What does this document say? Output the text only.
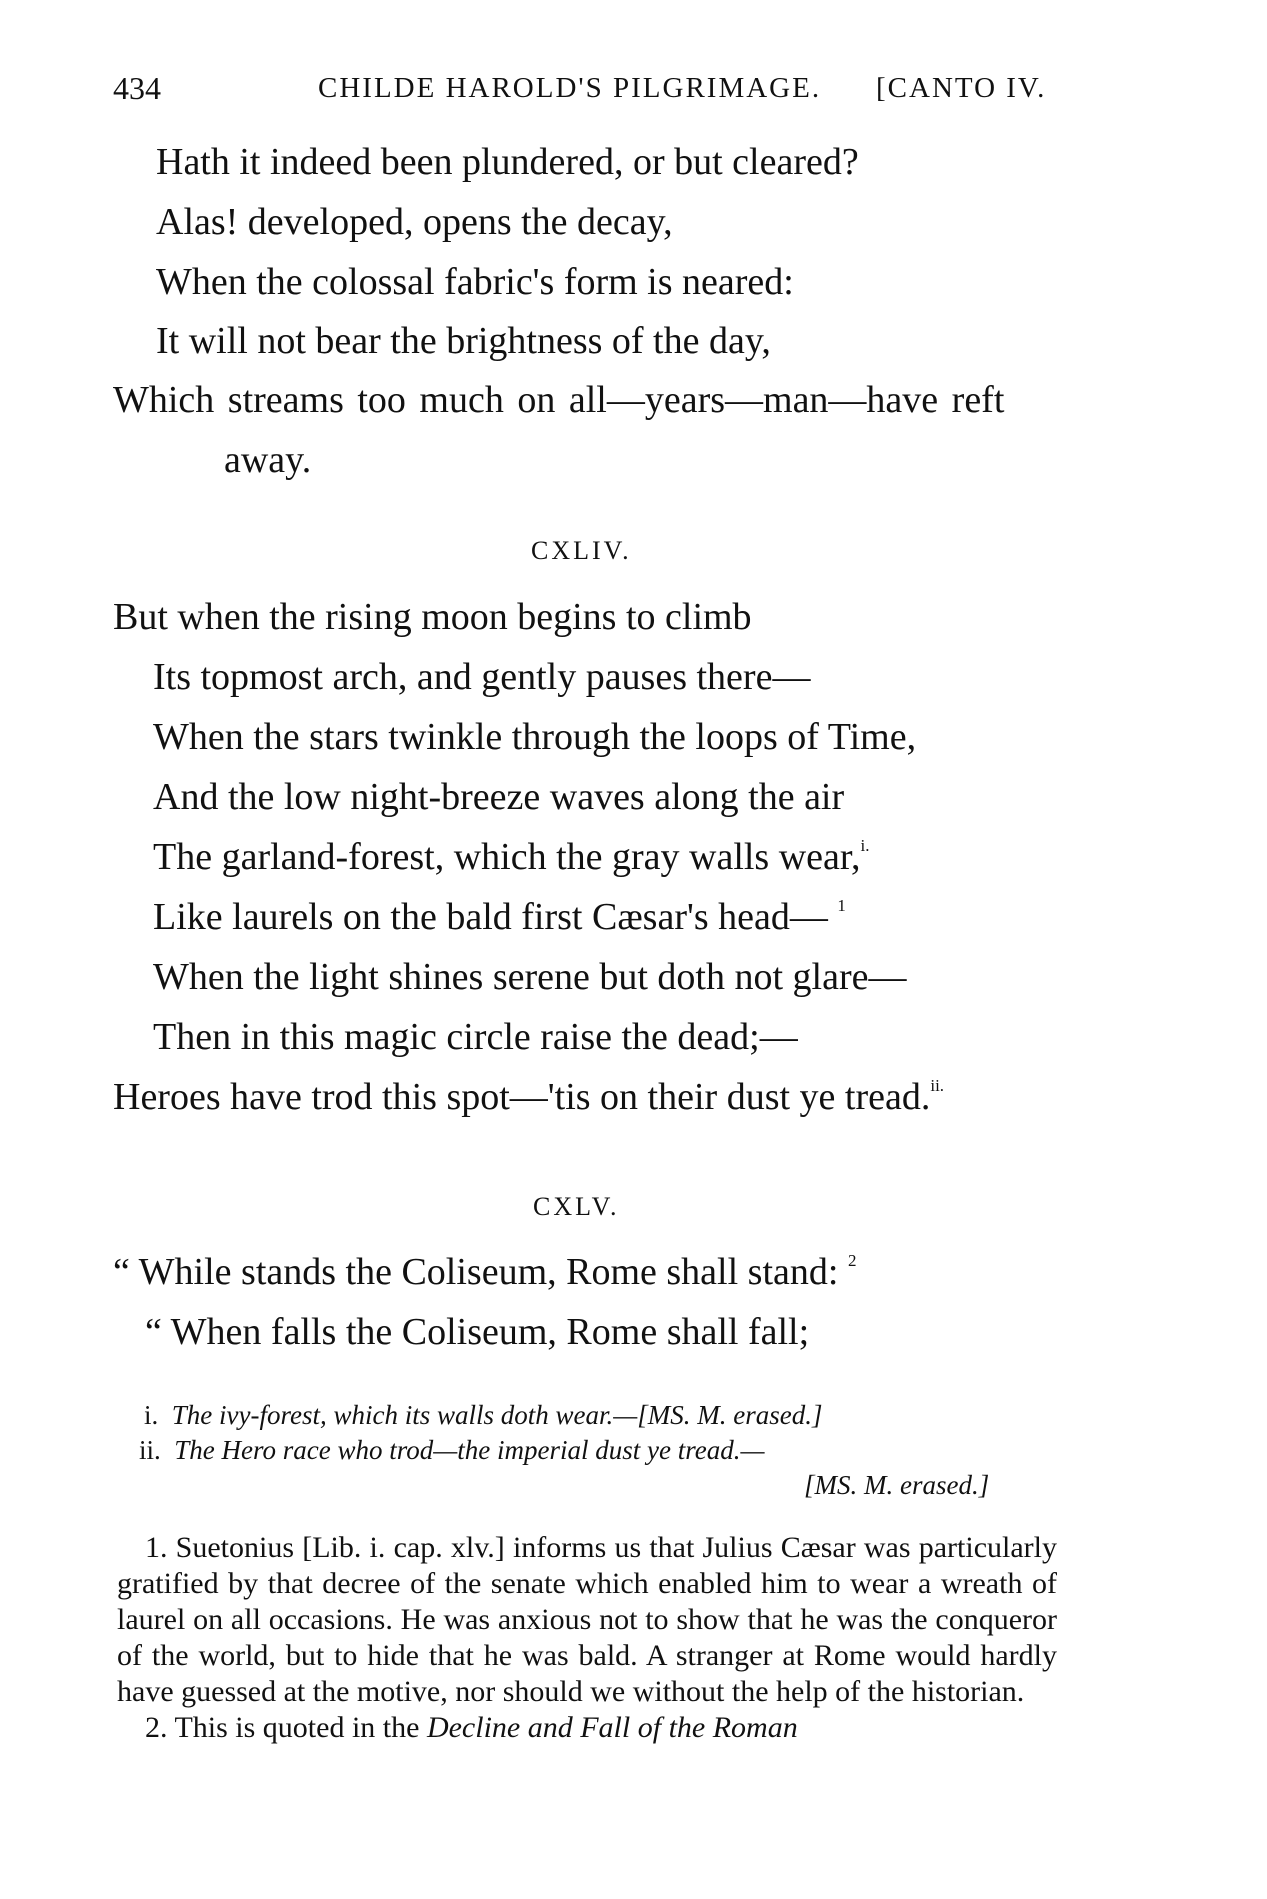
434	CHILDE HAROLD'S PILGRIMAGE. [CANTO IV.
Hath it indeed been plundered, or but cleared?
Alas! developed, opens the decay,
When the colossal fabric's form is neared:
It will not bear the brightness of the day,
Which streams too much on all—years—man—have reft
away.
CXLIV.
But when the rising moon begins to climb
Its topmost arch, and gently pauses there—
When the stars twinkle through the loops of Time,
And the low night-breeze waves along the air
The garland-forest, which the gray walls wear,$^{i.}$
Like laurels on the bald first Cæsar's head— $^1$
When the light shines serene but doth not glare—
Then in this magic circle raise the dead;—
Heroes have trod this spot—'tis on their dust ye tread.$^{ii.}$
CXLV.
“ While stands the Coliseum, Rome shall stand: $^2$
“ When falls the Coliseum, Rome shall fall;
i. The ivy-forest, which its walls doth wear.—[MS. M. erased.]
ii. The Hero race who trod—the imperial dust ye tread.—
[MS. M. erased.]

1. Suetonius [Lib. i. cap. xlv.] informs us that Julius Cæsar was particularly gratified by that decree of the senate which enabled him to wear a wreath of laurel on all occasions. He was anxious not to show that he was the conqueror of the world, but to hide that he was bald. A stranger at Rome would hardly have guessed at the motive, nor should we without the help of the historian.

2. This is quoted in the Decline and Fall of the Roman
